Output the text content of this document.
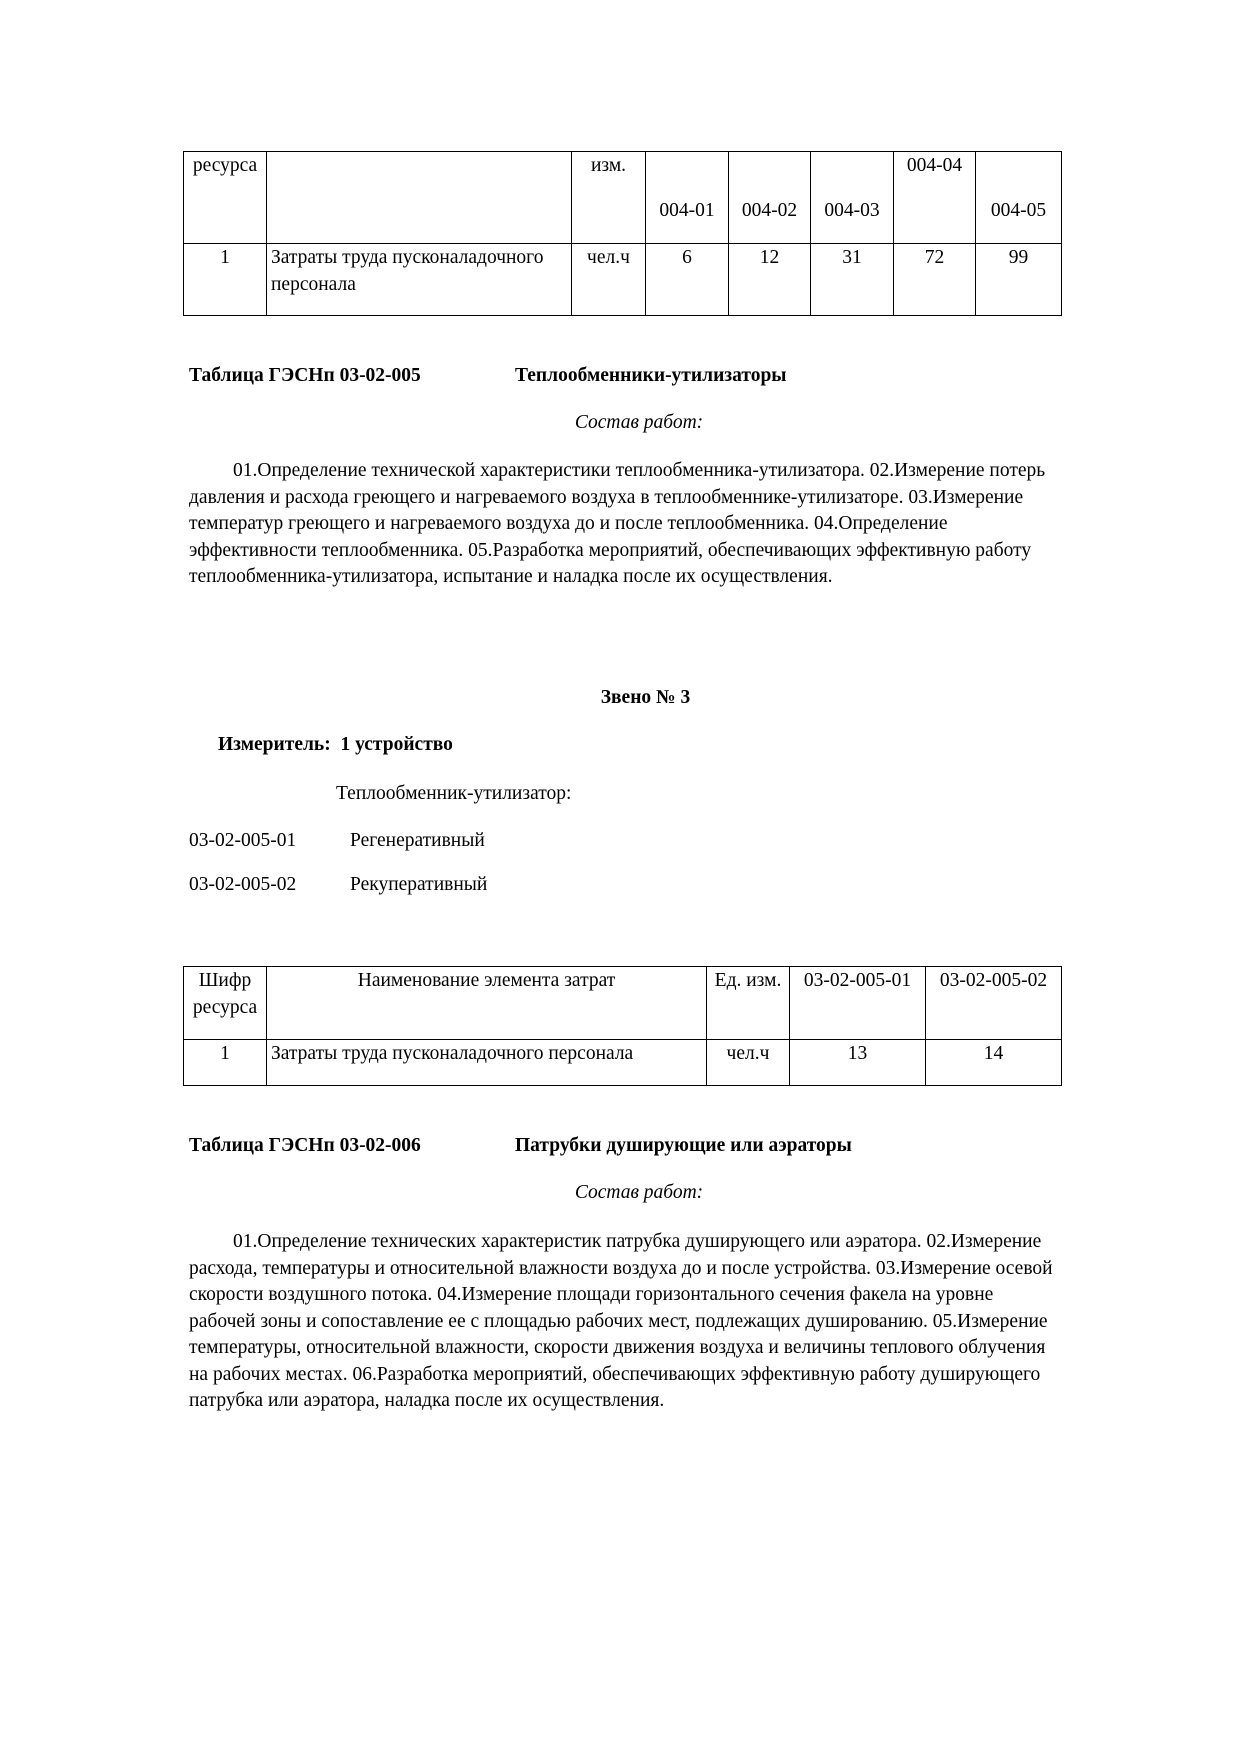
ресурса		изм.	004-01	004-02	004-03	004-04	004-05
1	Затраты труда пусконаладочного персонала	чел.ч	6	12	31	72	99
Таблица ГЭСНп 03-02-005	Теплообменники-утилизаторы
Состав работ:
01.Определение технической характеристики теплообменника-утилизатора. 02.Измерение потерь давления и расхода греющего и нагреваемого воздуха в теплообменнике-утилизаторе. 03.Измерение температур греющего и нагреваемого воздуха до и после теплообменника. 04.Определение эффективности теплообменника. 05.Разработка мероприятий, обеспечивающих эффективную работу теплообменника-утилизатора, испытание и наладка после их осуществления.
Звено № 3
Измеритель:  1 устройство
Теплообменник-утилизатор:
03-02-005-01	Регенеративный
03-02-005-02	Рекуперативный
Шифр ресурса	Наименование элемента затрат	Ед. изм.	03-02-005-01	03-02-005-02
1	Затраты труда пусконаладочного персонала	чел.ч	13	14
Таблица ГЭСНп 03-02-006	Патрубки душирующие или аэраторы
Состав работ:
01.Определение технических характеристик патрубка душирующего или аэратора. 02.Измерение расхода, температуры и относительной влажности воздуха до и после устройства. 03.Измерение осевой скорости воздушного потока. 04.Измерение площади горизонтального сечения факела на уровне рабочей зоны и сопоставление ее с площадью рабочих мест, подлежащих душированию. 05.Измерение температуры, относительной влажности, скорости движения воздуха и величины теплового облучения на рабочих местах. 06.Разработка мероприятий, обеспечивающих эффективную работу душирующего патрубка или аэратора, наладка после их осуществления.
